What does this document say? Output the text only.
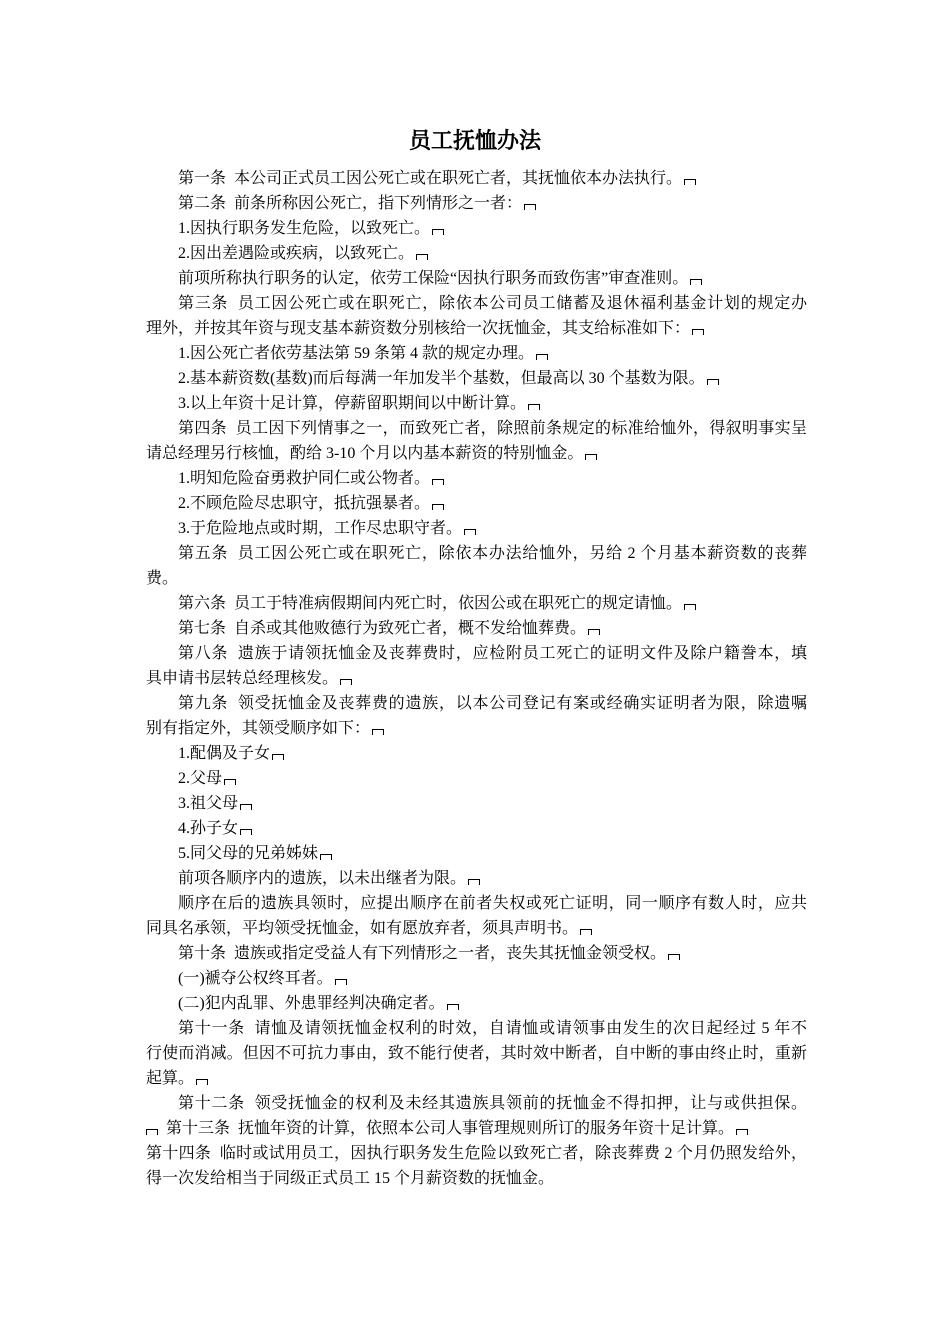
员工抚恤办法
第一条  本公司正式员工因公死亡或在职死亡者，其抚恤依本办法执行。
第二条  前条所称因公死亡，指下列情形之一者：
1.因执行职务发生危险，以致死亡。
2.因出差遇险或疾病，以致死亡。
前项所称执行职务的认定，依劳工保险“因执行职务而致伤害”审查准则。
第三条  员工因公死亡或在职死亡，除依本公司员工储蓄及退休福利基金计划的规定办
理外，并按其年资与现支基本薪资数分别核给一次抚恤金，其支给标准如下：
1.因公死亡者依劳基法第 59 条第 4 款的规定办理。
2.基本薪资数(基数)而后每满一年加发半个基数，但最高以 30 个基数为限。
3.以上年资十足计算，停薪留职期间以中断计算。
第四条  员工因下列情事之一，而致死亡者，除照前条规定的标准给恤外，得叙明事实呈
请总经理另行核恤，酌给 3-10 个月以内基本薪资的特别恤金。
1.明知危险奋勇救护同仁或公物者。
2.不顾危险尽忠职守，抵抗强暴者。
3.于危险地点或时期，工作尽忠职守者。
第五条  员工因公死亡或在职死亡，除依本办法给恤外，另给 2 个月基本薪资数的丧葬
费。
第六条  员工于特准病假期间内死亡时，依因公或在职死亡的规定请恤。
第七条  自杀或其他败德行为致死亡者，概不发给恤葬费。
第八条  遗族于请领抚恤金及丧葬费时，应检附员工死亡的证明文件及除户籍誊本，填
具申请书层转总经理核发。
第九条  领受抚恤金及丧葬费的遗族，以本公司登记有案或经确实证明者为限，除遗嘱
别有指定外，其领受顺序如下：
1.配偶及子女
2.父母
3.祖父母
4.孙子女
5.同父母的兄弟姊妹
前项各顺序内的遗族，以未出继者为限。
顺序在后的遗族具领时，应提出顺序在前者失权或死亡证明，同一顺序有数人时，应共
同具名承领，平均领受抚恤金，如有愿放弃者，须具声明书。
第十条  遗族或指定受益人有下列情形之一者，丧失其抚恤金领受权。
(一)褫夺公权终耳者。
(二)犯内乱罪、外患罪经判决确定者。
第十一条  请恤及请领抚恤金权利的时效，自请恤或请领事由发生的次日起经过 5 年不
行使而消减。但因不可抗力事由，致不能行使者，其时效中断者，自中断的事由终止时，重新
起算。
第十二条  领受抚恤金的权利及未经其遗族具领前的抚恤金不得扣押，让与或供担保。
第十三条  抚恤年资的计算，依照本公司人事管理规则所订的服务年资十足计算。
第十四条  临时或试用员工，因执行职务发生危险以致死亡者，除丧葬费 2 个月仍照发给外，
得一次发给相当于同级正式员工 15 个月薪资数的抚恤金。
